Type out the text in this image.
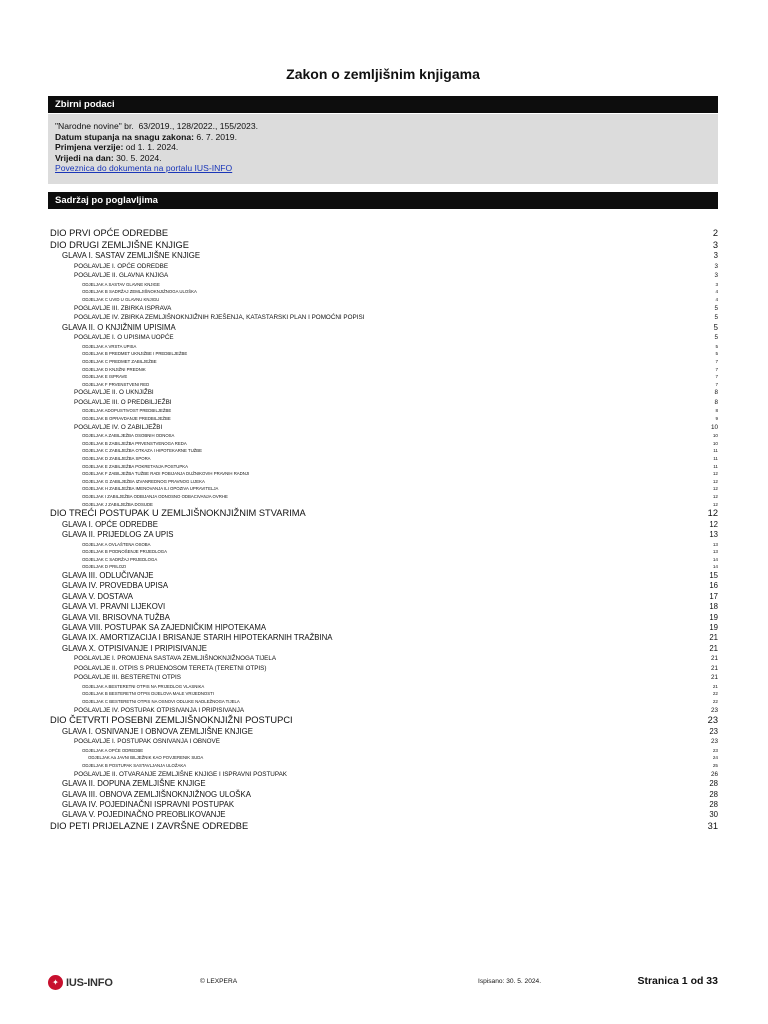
Zakon o zemljišnim knjigama
Zbirni podaci
"Narodne novine" br. 63/2019., 128/2022., 155/2023.
Datum stupanja na snagu zakona: 6. 7. 2019.
Primjena verzije: od 1. 1. 2024.
Vrijedi na dan: 30. 5. 2024.
Poveznica do dokumenta na portalu IUS-INFO
Sadržaj po poglavljima
DIO PRVI OPĆE ODREDBE	2
DIO DRUGI ZEMLJIŠNE KNJIGE	3
GLAVA I. SASTAV ZEMLJIŠNE KNJIGE	3
POGLAVLJE I. OPĆE ODREDBE	3
POGLAVLJE II. GLAVNA KNJIGA	3
ODJELJAK A SASTAV GLAVNE KNJIGE	3
ODJELJAK B SADRŽAJ ZEMLJIŠNOKNJIŽNOGA ULOŠKA	4
ODJELJAK C UVID U GLAVNU KNJIGU	4
POGLAVLJE III. ZBIRKA ISPRAVA	5
POGLAVLJE IV. ZBIRKA ZEMLJIŠNOKNJIŽNIH RJEŠENJA, KATASTARSKI PLAN I POMOĆNI POPISI	5
GLAVA II. O KNJIŽNIM UPISIMA	5
POGLAVLJE I. O UPISIMA UOPĆE	5
ODJELJAK A VRSTA UPISA	5
ODJELJAK B PREDMET UKNJIŽBE I PREDBILJEŽBE	5
ODJELJAK C PREDMET ZABILJEŽBE	7
ODJELJAK D KNJIŽNI PREDNIK	7
ODJELJAK E ISPRAVE	7
ODJELJAK F PRVENSTVENI RED	7
POGLAVLJE II. O UKNJIŽBI	8
POGLAVLJE III. O PREDBILJEŽBI	8
ODJELJAK ADOPUSTIVOST PREDBILJEŽBE	8
ODJELJAK B OPRAVDANJE PREDBILJEŽBE	9
POGLAVLJE IV. O ZABILJEŽBI	10
ODJELJAK A ZABILJEŽBA OSOBNIH ODNOSA	10
ODJELJAK B ZABILJEŽBA PRVENSTVENOGA REDA	10
ODJELJAK C ZABILJEŽBA OTKAZA I HIPOTEKARNE TUŽBE	11
ODJELJAK D ZABILJEŽBA SPORA	11
ODJELJAK E ZABILJEŽBA POKRETANJA POSTUPKA	11
ODJELJAK F ZABILJEŽBA TUŽBE RADI POBIJANJA DUŽNIKOVIH PRAVNIH RADNJI	12
ODJELJAK G ZABILJEŽBA IZVANREDNOG PRAVNOG LIJEKA	12
ODJELJAK H ZABILJEŽBA IMENOVANJA ILI OPOZIVA UPRAVITELJA	12
ODJELJAK I ZABILJEŽBA ODBIJANJA ODNOSNO ODBACIVANJA OVRHE	12
ODJELJAK J ZABILJEŽBA DOSUDE	12
DIO TREĆI POSTUPAK U ZEMLJIŠNOKNJIŽNIM STVARIMA	12
GLAVA I. OPĆE ODREDBE	12
GLAVA II. PRIJEDLOG ZA UPIS	13
ODJELJAK A OVLAŠTENA OSOBA	13
ODJELJAK B PODNOŠENJE PRIJEDLOGA	13
ODJELJAK C SADRŽAJ PRIJEDLOGA	14
ODJELJAK D PRILOZI	14
GLAVA III. ODLUČIVANJE	15
GLAVA IV. PROVEDBA UPISA	16
GLAVA V. DOSTAVA	17
GLAVA VI. PRAVNI LIJEKOVI	18
GLAVA VII. BRISOVNA TUŽBA	19
GLAVA VIII. POSTUPAK SA ZAJEDNIČKIM HIPOTEKAMA	19
GLAVA IX. AMORTIZACIJA I BRISANJE STARIH HIPOTEKARNIH TRAŽBINA	21
GLAVA X. OTPISIVANJE I PRIPISIVANJE	21
POGLAVLJE I. PROMJENA SASTAVA ZEMLJIŠNOKNJIŽNOGA TIJELA	21
POGLAVLJE II. OTPIS S PRIJENOSOM TERETA (TERETNI OTPIS)	21
POGLAVLJE III. BESTERETNI OTPIS	21
ODJELJAK A BESTERETNI OTPIS NA PRIJEDLOG VLASNIKA	21
ODJELJAK B BESTERETNI OTPIS DIJELOVA MALE VRIJEDNOSTI	22
ODJELJAK C BESTERETNI OTPIS NA OSNOVI ODLUKE NADLEŽNOGA TIJELA	22
POGLAVLJE IV. POSTUPAK OTPISIVANJA I PRIPISIVANJA	23
DIO ČETVRTI POSEBNI ZEMLJIŠNOKNJIŽNI POSTUPCI	23
GLAVA I. OSNIVANJE I OBNOVA ZEMLJIŠNE KNJIGE	23
POGLAVLJE I. POSTUPAK OSNIVANJA I OBNOVE	23
ODJELJAK A OPĆE ODREDBE	23
ODJELJAK Aa JAVNI BILJEŽNIK KAO POVJERENIK SUDA	24
ODJELJAK B POSTUPAK SASTAVLJANJA ULOŽAKA	25
POGLAVLJE II. OTVARANJE ZEMLJIŠNE KNJIGE I ISPRAVNI POSTUPAK	26
GLAVA II. DOPUNA ZEMLJIŠNE KNJIGE	28
GLAVA III. OBNOVA ZEMLJIŠNOKNJIŽNOG ULOŠKA	28
GLAVA IV. POJEDINAČNI ISPRAVNI POSTUPAK	28
GLAVA V. POJEDINAČNO PREOBLIKOVANJE	30
DIO PETI PRIJELAZNE I ZAVRŠNE ODREDBE	31
✦ IUS-INFO	© LEXPERA	Ispisano: 30. 5. 2024.	Stranica 1 od 33
